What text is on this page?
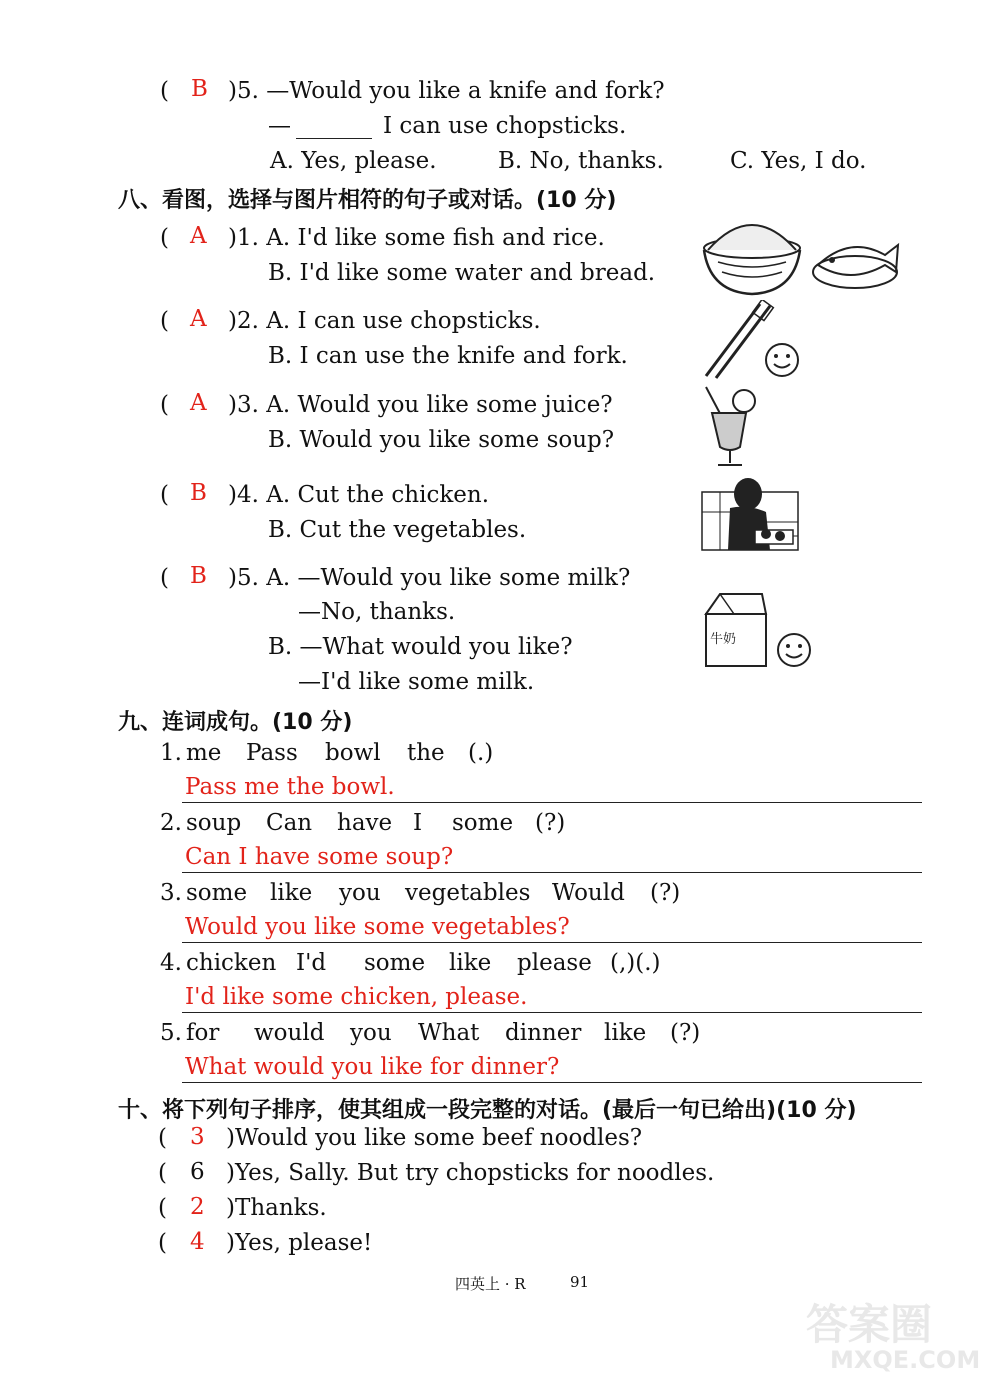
( B )5. —Would you like a knife and fork?
—	I can use chopsticks.
A. Yes, please.	B. No, thanks.	C. Yes, I do.
八、看图，选择与图片相符的句子或对话。(10 分)
( A )1. A. I'd like some fish and rice.
B. I'd like some water and bread.
( A )2. A. I can use chopsticks.
B. I can use the knife and fork.
( A )3. A. Would you like some juice?
B. Would you like some soup?
( B )4. A. Cut the chicken.
B. Cut the vegetables.
( B )5. A. —Would you like some milk?
—No, thanks.
B. —What would you like?
—I'd like some milk.
牛奶
九、连词成句。(10 分)
1. me Pass bowl the (.)
Pass me the bowl.
2. soup Can have I some (?)
Can I have some soup?
3. some like you vegetables Would (?)
Would you like some vegetables?
4. chicken I'd some like please (,)(.)
I'd like some chicken, please.
5. for would you What dinner like (?)
What would you like for dinner?
十、将下列句子排序，使其组成一段完整的对话。(最后一句已给出)(10 分)
( 3 )Would you like some beef noodles?
( 6 )Yes, Sally. But try chopsticks for noodles.
( 2 )Thanks.
( 4 )Yes, please!
四英上 · R	91
答案圈
MXQE.COM
